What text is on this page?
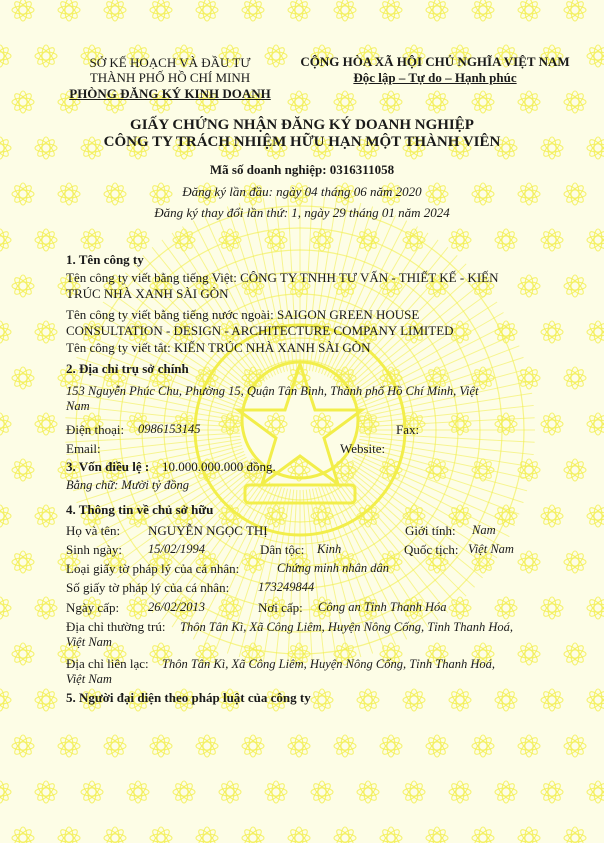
SỞ KẾ HOẠCH VÀ ĐẦU TƯ
THÀNH PHỐ HỒ CHÍ MINH
PHÒNG ĐĂNG KÝ KINH DOANH
CỘNG HÒA XÃ HỘI CHỦ NGHĨA VIỆT NAM
Độc lập – Tự do – Hạnh phúc
GIẤY CHỨNG NHẬN ĐĂNG KÝ DOANH NGHIỆP
CÔNG TY TRÁCH NHIỆM HỮU HẠN MỘT THÀNH VIÊN
Mã số doanh nghiệp: 0316311058
Đăng ký lần đầu: ngày 04 tháng 06 năm 2020
Đăng ký thay đổi lần thứ: 1, ngày 29 tháng 01 năm 2024
1. Tên công ty
Tên công ty viết bằng tiếng Việt: CÔNG TY TNHH TƯ VẤN - THIẾT KẾ - KIẾN
TRÚC NHÀ XANH SÀI GÒN
Tên công ty viết bằng tiếng nước ngoài: SAIGON GREEN HOUSE
CONSULTATION - DESIGN - ARCHITECTURE COMPANY LIMITED
Tên công ty viết tắt: KIẾN TRÚC NHÀ XANH SÀI GÒN
2. Địa chỉ trụ sở chính
153 Nguyễn Phúc Chu, Phường 15, Quận Tân Bình, Thành phố Hồ Chí Minh, Việt
Nam
Điện thoại: 0986153145	Fax:
Email:	Website:
3. Vốn điều lệ : 10.000.000.000 đồng.
Bằng chữ: Mười tỷ đồng
4. Thông tin về chủ sở hữu
Họ và tên: NGUYỄN NGỌC THỊ	Giới tính: Nam
Sinh ngày: 15/02/1994	Dân tộc: Kinh	Quốc tịch: Việt Nam
Loại giấy tờ pháp lý của cá nhân:	Chứng minh nhân dân
Số giấy tờ pháp lý của cá nhân: 173249844
Ngày cấp: 26/02/2013	Nơi cấp: Công an Tỉnh Thanh Hóa
Địa chỉ thường trú: Thôn Tân Kì, Xã Công Liêm, Huyện Nông Cống, Tỉnh Thanh Hoá,
Việt Nam
Địa chỉ liên lạc: Thôn Tân Kì, Xã Công Liêm, Huyện Nông Cống, Tỉnh Thanh Hoá,
Việt Nam
5. Người đại diện theo pháp luật của công ty
